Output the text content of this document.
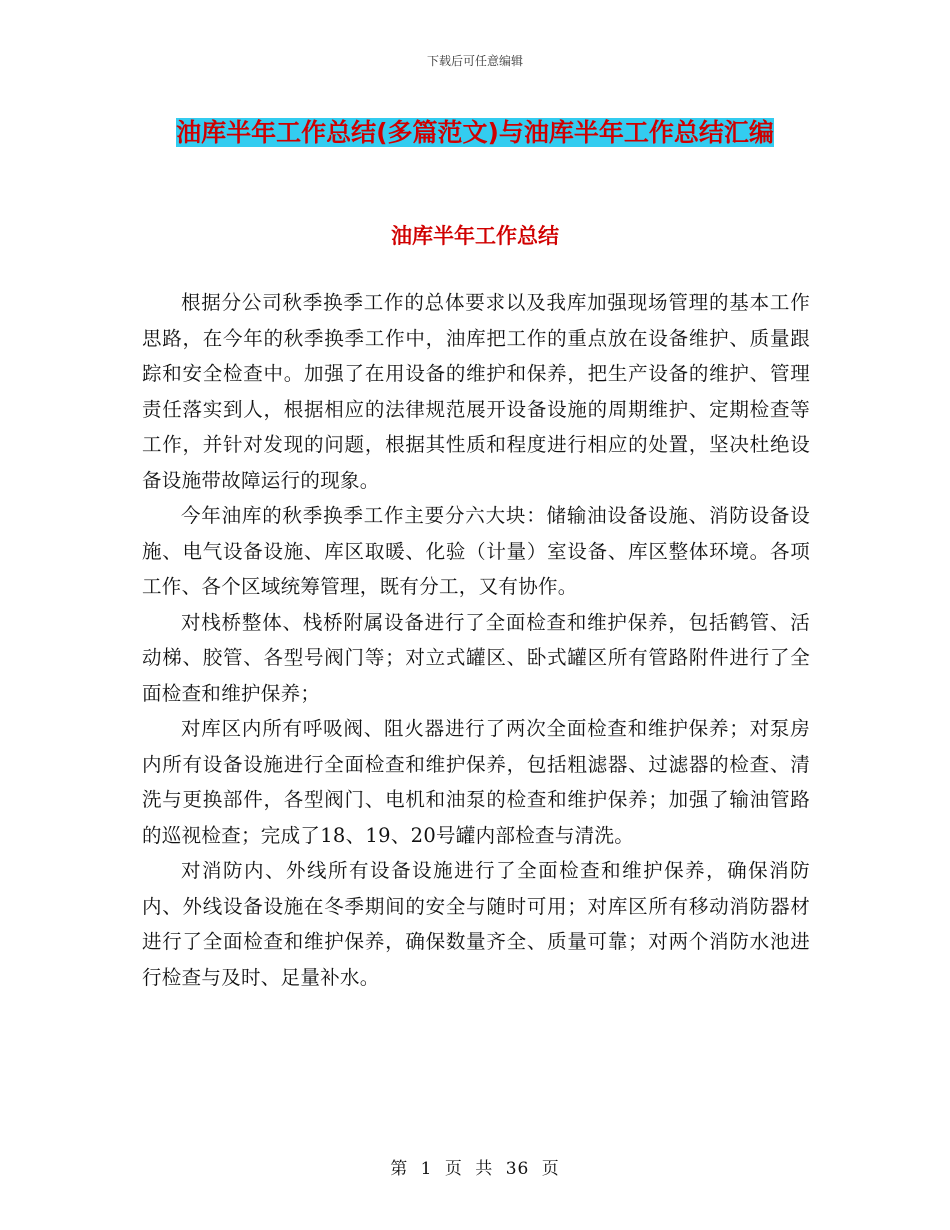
下载后可任意编辑
油库半年工作总结(多篇范文)与油库半年工作总结汇编
油库半年工作总结

根据分公司秋季换季工作的总体要求以及我库加强现场管理的基本工作思路，在今年的秋季换季工作中，油库把工作的重点放在设备维护、质量跟踪和安全检查中。加强了在用设备的维护和保养，把生产设备的维护、管理责任落实到人，根据相应的法律规范展开设备设施的周期维护、定期检查等工作，并针对发现的问题，根据其性质和程度进行相应的处置，坚决杜绝设备设施带故障运行的现象。

今年油库的秋季换季工作主要分六大块：储输油设备设施、消防设备设施、电气设备设施、库区取暖、化验（计量）室设备、库区整体环境。各项工作、各个区域统筹管理，既有分工，又有协作。

对栈桥整体、栈桥附属设备进行了全面检查和维护保养，包括鹤管、活动梯、胶管、各型号阀门等；对立式罐区、卧式罐区所有管路附件进行了全面检查和维护保养；

对库区内所有呼吸阀、阻火器进行了两次全面检查和维护保养；对泵房内所有设备设施进行全面检查和维护保养，包括粗滤器、过滤器的检查、清洗与更换部件，各型阀门、电机和油泵的检查和维护保养；加强了输油管路的巡视检查；完成了18、19、20号罐内部检查与清洗。

对消防内、外线所有设备设施进行了全面检查和维护保养，确保消防内、外线设备设施在冬季期间的安全与随时可用；对库区所有移动消防器材进行了全面检查和维护保养，确保数量齐全、质量可靠；对两个消防水池进行检查与及时、足量补水。

第 1 页 共 36 页
